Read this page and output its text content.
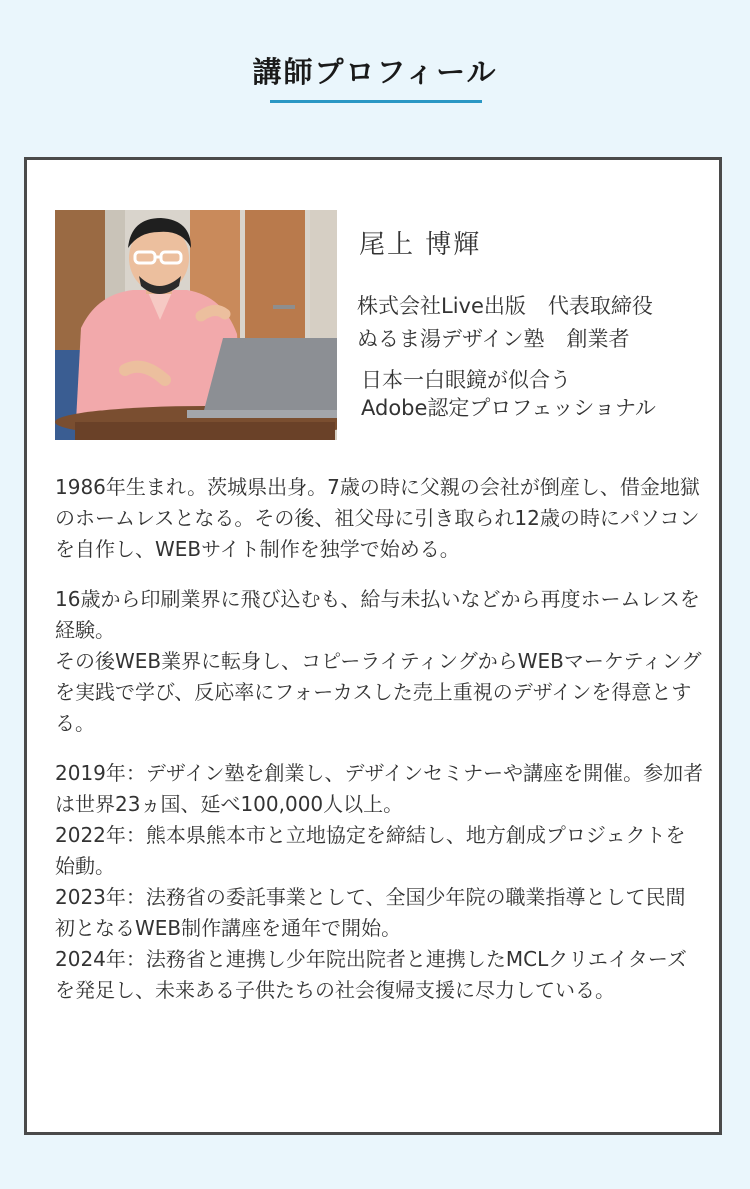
講師プロフィール
尾上 博輝
株式会社Live出版 代表取締役
ぬるま湯デザイン塾 創業者
日本一白眼鏡が似合う
Adobe認定プロフェッショナル

1986年生まれ。茨城県出身。7歳の時に父親の会社が倒産し、借金地獄のホームレスとなる。その後、祖父母に引き取られ12歳の時にパソコンを自作し、WEBサイト制作を独学で始める。

16歳から印刷業界に飛び込むも、給与未払いなどから再度ホームレスを経験。
その後WEB業界に転身し、コピーライティングからWEBマーケティングを実践で学び、反応率にフォーカスした売上重視のデザインを得意とする。

2019年：デザイン塾を創業し、デザインセミナーや講座を開催。参加者は世界23ヵ国、延べ100,000人以上。
2022年：熊本県熊本市と立地協定を締結し、地方創成プロジェクトを始動。
2023年：法務省の委託事業として、全国少年院の職業指導として民間初となるWEB制作講座を通年で開始。
2024年：法務省と連携し少年院出院者と連携したMCLクリエイターズを発足し、未来ある子供たちの社会復帰支援に尽力している。
